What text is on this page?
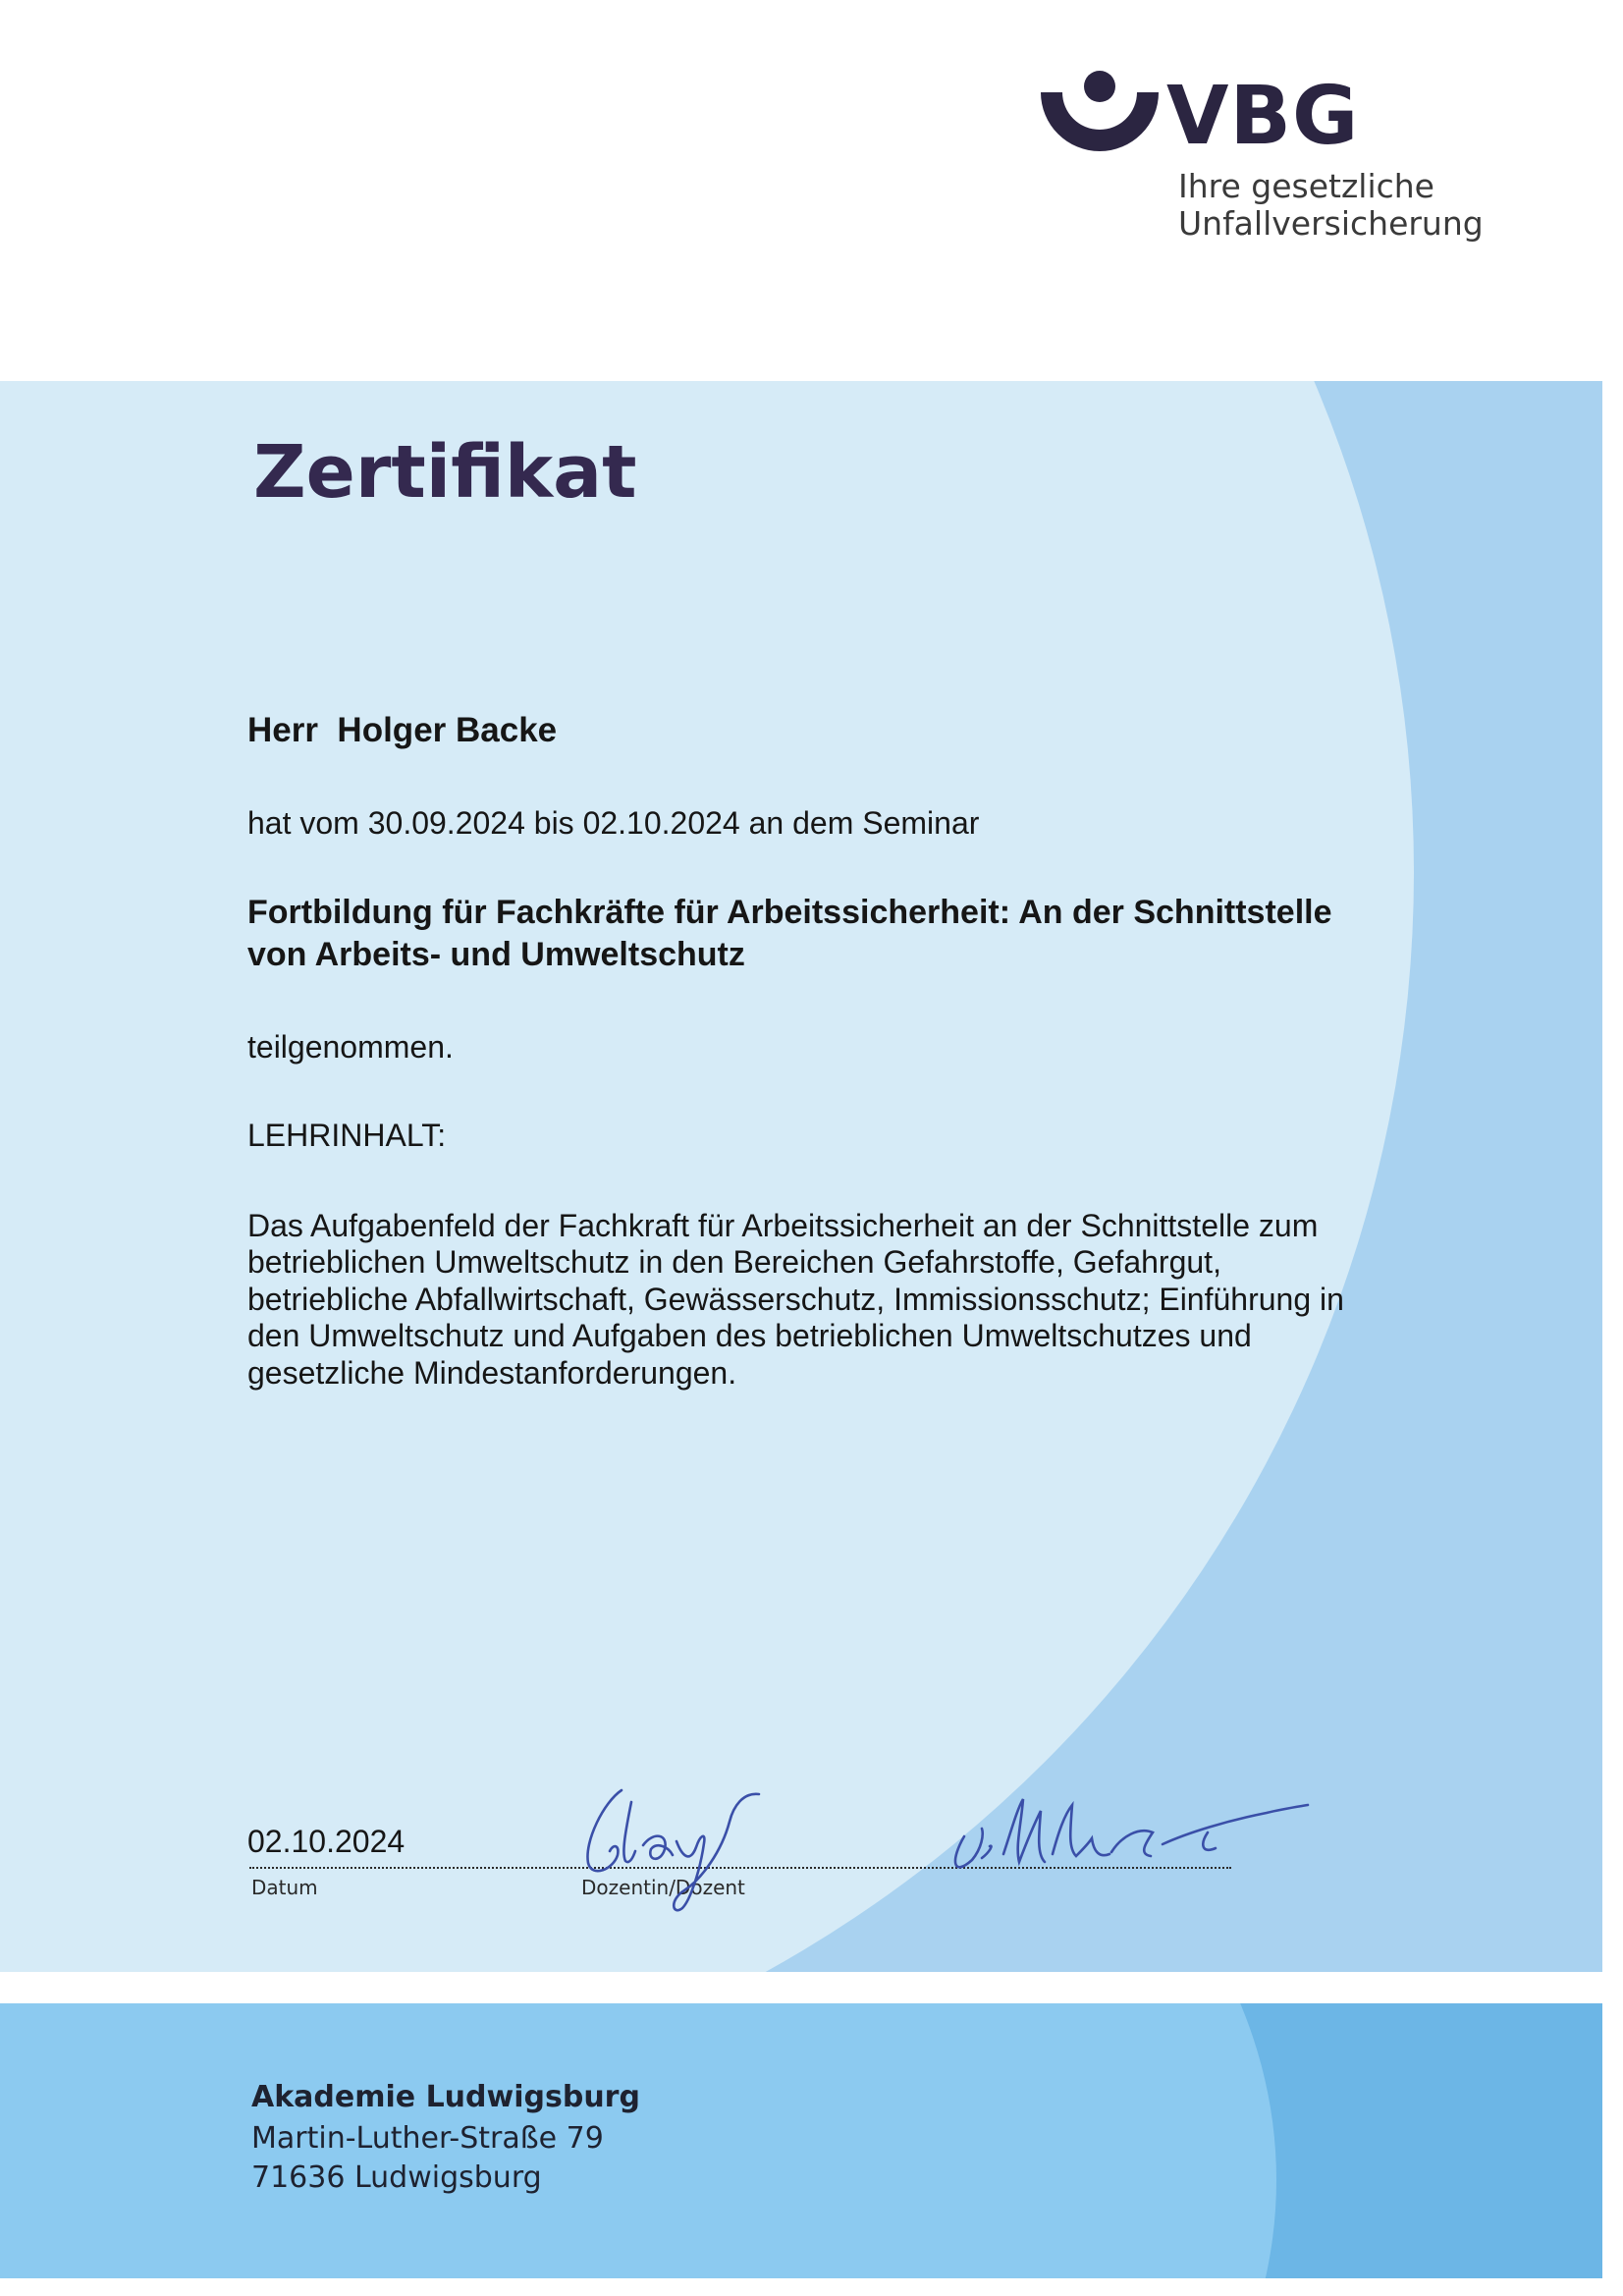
VBG
Ihre gesetzliche
Unfallversicherung
Zertifikat
Herr  Holger Backe
hat vom 30.09.2024 bis 02.10.2024 an dem Seminar
Fortbildung für Fachkräfte für Arbeitssicherheit: An der Schnittstelle von Arbeits- und Umweltschutz
teilgenommen.
LEHRINHALT:
Das Aufgabenfeld der Fachkraft für Arbeitssicherheit an der Schnittstelle zum betrieblichen Umweltschutz in den Bereichen Gefahrstoffe, Gefahrgut, betriebliche Abfallwirtschaft, Gewässerschutz, Immissionsschutz; Einführung in den Umweltschutz und Aufgaben des betrieblichen Umweltschutzes und gesetzliche Mindestanforderungen.
02.10.2024
Datum	Dozentin/Dozent
Akademie Ludwigsburg
Martin-Luther-Straße 79
71636 Ludwigsburg
